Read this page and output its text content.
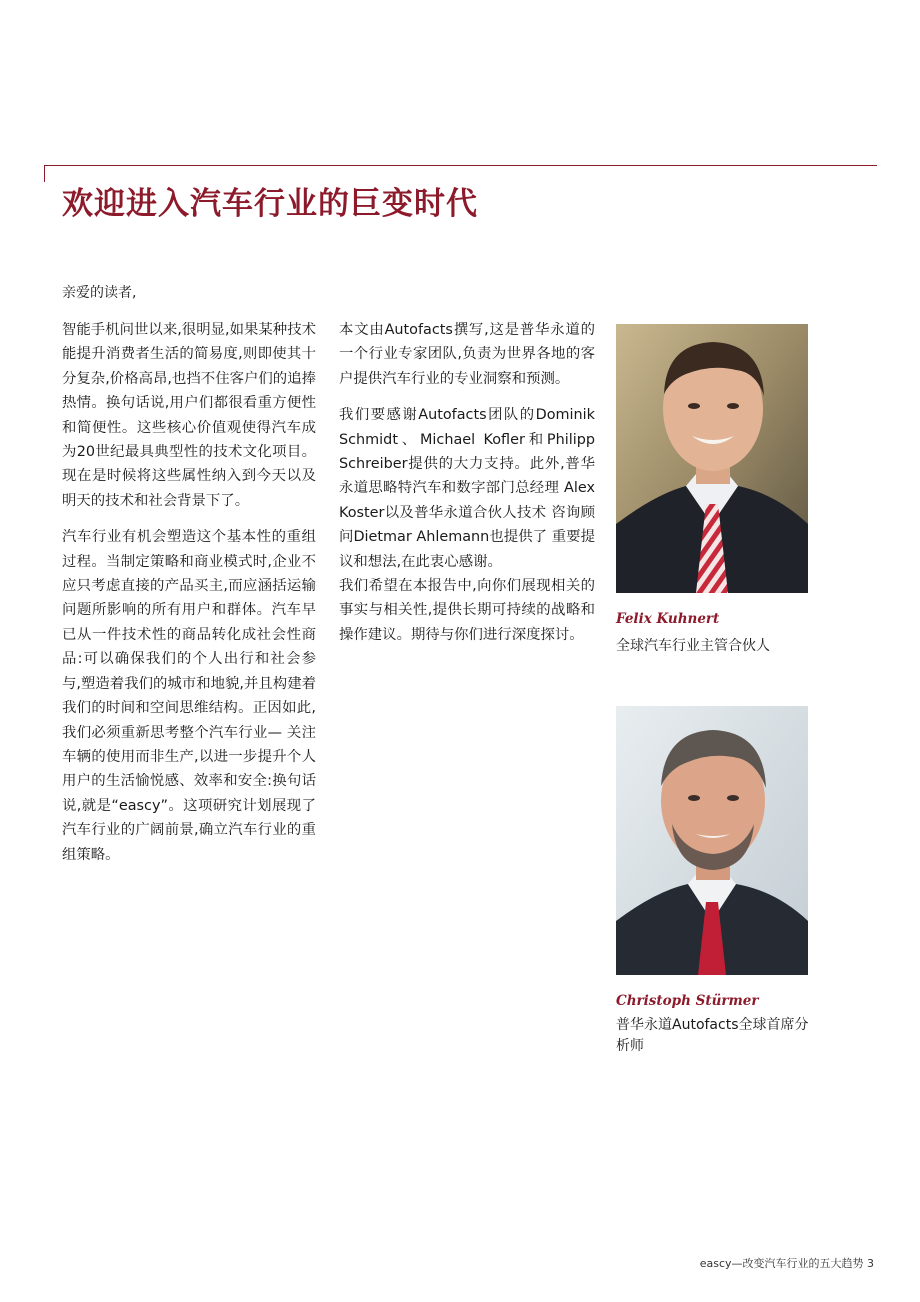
欢迎进入汽车行业的巨变时代
亲爱的读者,

智能手机问世以来,很明显,如果某种技术能提升消费者生活的简易度,则即使其十分复杂,价格高昂,也挡不住客户们的追捧热情。换句话说,用户们都很看重方便性和简便性。这些核心价值观使得汽车成为20世纪最具典型性的技术文化项目。现在是时候将这些属性纳入到今天以及明天的技术和社会背景下了。

汽车行业有机会塑造这个基本性的重组过程。当制定策略和商业模式时,企业不应只考虑直接的产品买主,而应涵括运输问题所影响的所有用户和群体。汽车早已从一件技术性的商品转化成社会性商品:可以确保我们的个人出行和社会参与,塑造着我们的城市和地貌,并且构建着我们的时间和空间思维结构。正因如此,我们必须重新思考整个汽车行业— 关注车辆的使用而非生产,以进一步提升个人用户的生活愉悦感、效率和安全:换句话说,就是“eascy”。这项研究计划展现了汽车行业的广阔前景,确立汽车行业的重组策略。

本文由Autofacts撰写,这是普华永道的一个行业专家团队,负责为世界各地的客户提供汽车行业的专业洞察和预测。

我们要感谢Autofacts团队的Dominik Schmidt、Michael Kofler和Philipp Schreiber提供的大力支持。此外,普华永道思略特汽车和数字部门总经理 Alex Koster以及普华永道合伙人技术 咨询顾问Dietmar Ahlemann也提供了 重要提议和想法,在此衷心感谢。

我们希望在本报告中,向你们展现相关的事实与相关性,提供长期可持续的战略和操作建议。期待与你们进行深度探讨。

Felix Kuhnert
全球汽车行业主管合伙人
Christoph Stürmer
普华永道Autofacts全球首席分析师
eascy—改变汽车行业的五大趋势 3
